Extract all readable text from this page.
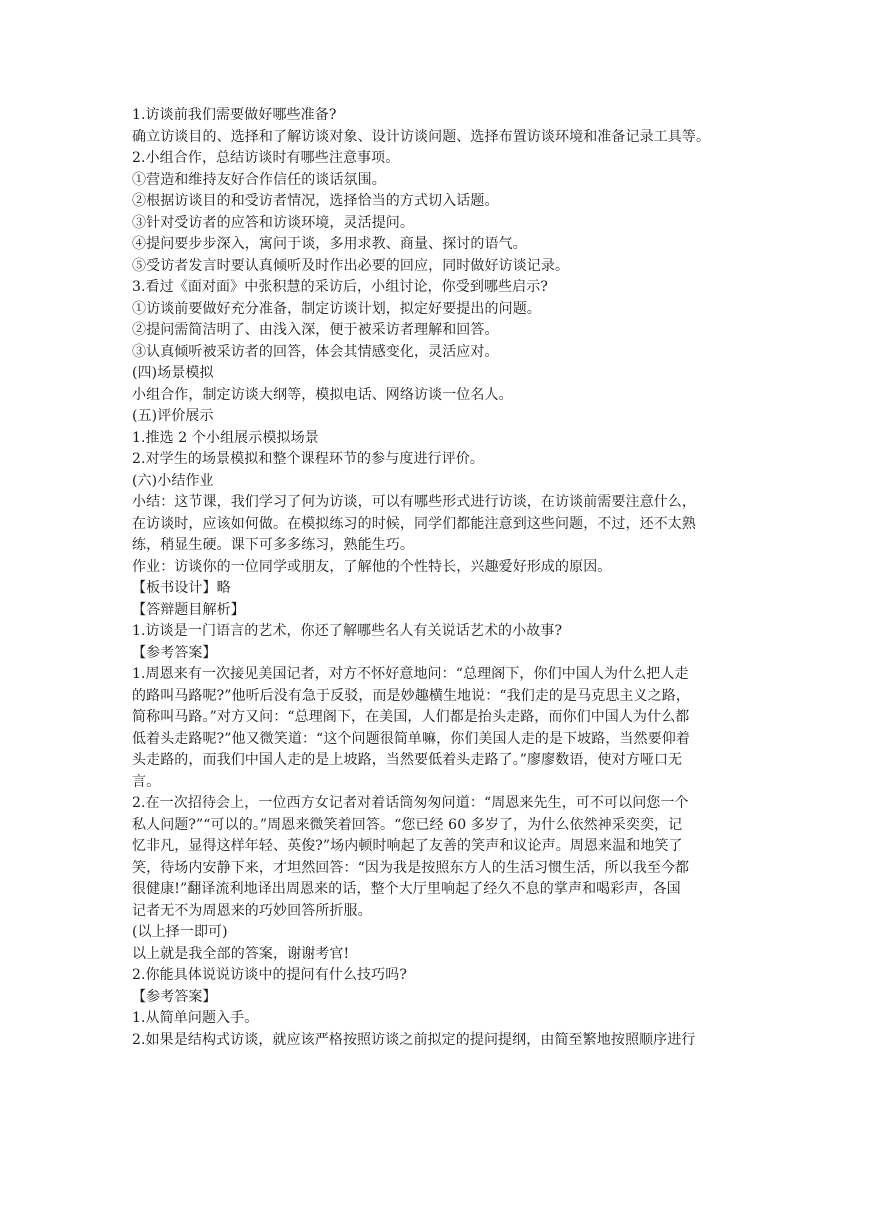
1.访谈前我们需要做好哪些准备?
确立访谈目的、选择和了解访谈对象、设计访谈问题、选择布置访谈环境和准备记录工具等。
2.小组合作，总结访谈时有哪些注意事项。
①营造和维持友好合作信任的谈话氛围。
②根据访谈目的和受访者情况，选择恰当的方式切入话题。
③针对受访者的应答和访谈环境，灵活提问。
④提问要步步深入，寓问于谈，多用求教、商量、探讨的语气。
⑤受访者发言时要认真倾听及时作出必要的回应，同时做好访谈记录。
3.看过《面对面》中张积慧的采访后，小组讨论，你受到哪些启示?
①访谈前要做好充分准备，制定访谈计划，拟定好要提出的问题。
②提问需简洁明了、由浅入深，便于被采访者理解和回答。
③认真倾听被采访者的回答，体会其情感变化，灵活应对。
(四)场景模拟
小组合作，制定访谈大纲等，模拟电话、网络访谈一位名人。
(五)评价展示
1.推选 2 个小组展示模拟场景
2.对学生的场景模拟和整个课程环节的参与度进行评价。
(六)小结作业
小结：这节课，我们学习了何为访谈，可以有哪些形式进行访谈，在访谈前需要注意什么，
在访谈时，应该如何做。在模拟练习的时候，同学们都能注意到这些问题，不过，还不太熟
练，稍显生硬。课下可多多练习，熟能生巧。
作业：访谈你的一位同学或朋友，了解他的个性特长，兴趣爱好形成的原因。
【板书设计】略
【答辩题目解析】
1.访谈是一门语言的艺术，你还了解哪些名人有关说话艺术的小故事?
【参考答案】
1.周恩来有一次接见美国记者，对方不怀好意地问：“总理阁下，你们中国人为什么把人走
的路叫马路呢?”他听后没有急于反驳，而是妙趣横生地说：“我们走的是马克思主义之路，
简称叫马路。”对方又问：“总理阁下，在美国，人们都是抬头走路，而你们中国人为什么都
低着头走路呢?”他又微笑道：“这个问题很简单嘛，你们美国人走的是下坡路，当然要仰着
头走路的，而我们中国人走的是上坡路，当然要低着头走路了。”廖廖数语，使对方哑口无
言。
2.在一次招待会上，一位西方女记者对着话筒匆匆问道：“周恩来先生，可不可以问您一个
私人问题?”“可以的。”周恩来微笑着回答。“您已经 60 多岁了，为什么依然神采奕奕，记
忆非凡，显得这样年轻、英俊?”场内顿时响起了友善的笑声和议论声。周恩来温和地笑了
笑，待场内安静下来，才坦然回答：“因为我是按照东方人的生活习惯生活，所以我至今都
很健康!”翻译流利地译出周恩来的话，整个大厅里响起了经久不息的掌声和喝彩声，各国
记者无不为周恩来的巧妙回答所折服。
(以上择一即可)
以上就是我全部的答案，谢谢考官!
2.你能具体说说访谈中的提问有什么技巧吗?
【参考答案】
1.从简单问题入手。
2.如果是结构式访谈，就应该严格按照访谈之前拟定的提问提纲，由简至繁地按照顺序进行
